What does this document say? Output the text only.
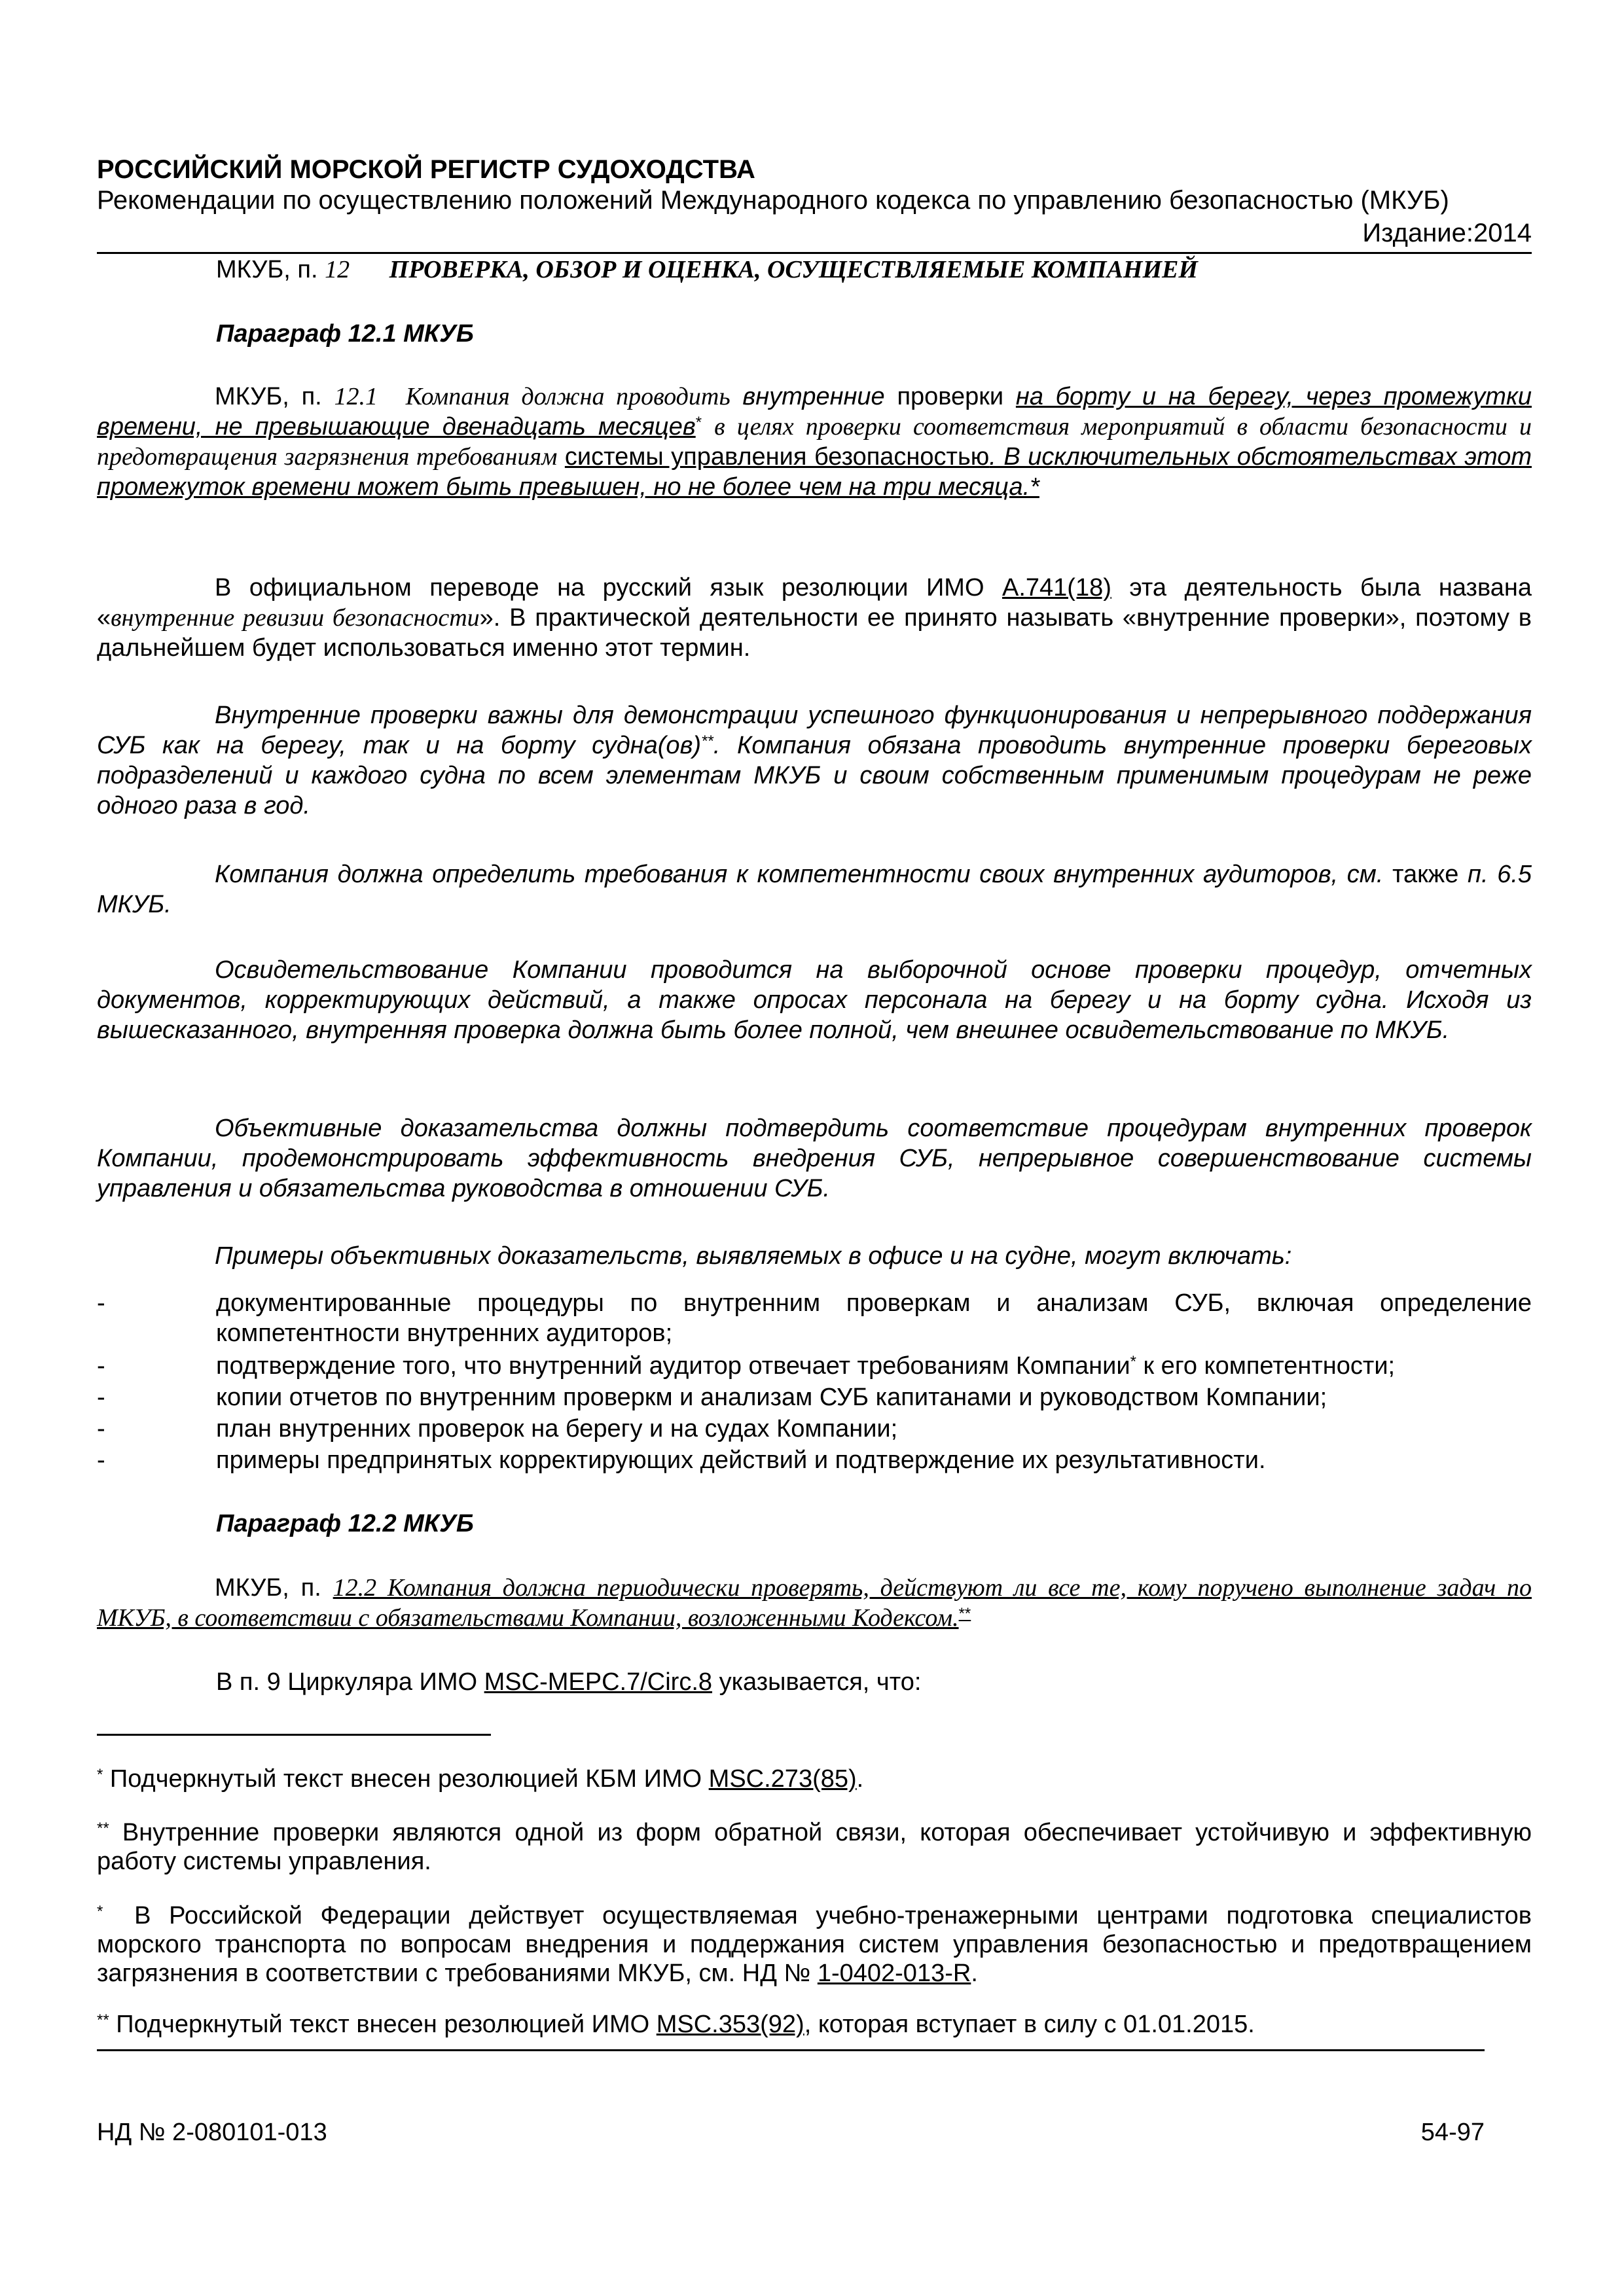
РОССИЙСКИЙ МОРСКОЙ РЕГИСТР СУДОХОДСТВА
Рекомендации по осуществлению положений Международного кодекса по управлению безопасностью (МКУБ)
Издание:2014
МКУБ, п. 12 ПРОВЕРКА, ОБЗОР И ОЦЕНКА, ОСУЩЕСТВЛЯЕМЫЕ КОМПАНИЕЙ
Параграф 12.1 МКУБ
МКУБ, п. 12.1 Компания должна проводить внутренние проверки на борту и на берегу, через промежутки времени, не превышающие двенадцать месяцев* в целях проверки соответствия мероприятий в области безопасности и предотвращения загрязнения требованиям системы управления безопасностью. В исключительных обстоятельствах этот промежуток времени может быть превышен, но не более чем на три месяца.*
В официальном переводе на русский язык резолюции ИМО A.741(18) эта деятельность была названа «внутренние ревизии безопасности». В практической деятельности ее принято называть «внутренние проверки», поэтому в дальнейшем будет использоваться именно этот термин.
Внутренние проверки важны для демонстрации успешного функционирования и непрерывного поддержания СУБ как на берегу, так и на борту судна(ов)**. Компания обязана проводить внутренние проверки береговых подразделений и каждого судна по всем элементам МКУБ и своим собственным применимым процедурам не реже одного раза в год.
Компания должна определить требования к компетентности своих внутренних аудиторов, см. также п. 6.5 МКУБ.
Освидетельствование Компании проводится на выборочной основе проверки процедур, отчетных документов, корректирующих действий, а также опросах персонала на берегу и на борту судна. Исходя из вышесказанного, внутренняя проверка должна быть более полной, чем внешнее освидетельствование по МКУБ.
Объективные доказательства должны подтвердить соответствие процедурам внутренних проверок Компании, продемонстрировать эффективность внедрения СУБ, непрерывное совершенствование системы управления и обязательства руководства в отношении СУБ.
Примеры объективных доказательств, выявляемых в офисе и на судне, могут включать:
-	документированные процедуры по внутренним проверкам и анализам СУБ, включая определение компетентности внутренних аудиторов;
-	подтверждение того, что внутренний аудитор отвечает требованиям Компании* к его компетентности;
-	копии отчетов по внутренним проверкм и анализам СУБ капитанами и руководством Компании;
-	план внутренних проверок на берегу и на судах Компании;
-	примеры предпринятых корректирующих действий и подтверждение их результативности.
Параграф 12.2 МКУБ
МКУБ, п. 12.2 Компания должна периодически проверять, действуют ли все те, кому поручено выполнение задач по МКУБ, в соответствии с обязательствами Компании, возложенными Кодексом.**
В п. 9 Циркуляра ИМО MSC-MEPC.7/Circ.8 указывается, что:
* Подчеркнутый текст внесен резолюцией КБМ ИМО MSC.273(85).
** Внутренние проверки являются одной из форм обратной связи, которая обеспечивает устойчивую и эффективную работу системы управления.
* В Российской Федерации действует осуществляемая учебно-тренажерными центрами подготовка специалистов морского транспорта по вопросам внедрения и поддержания систем управления безопасностью и предотвращением загрязнения в соответствии с требованиями МКУБ, см. НД № 1-0402-013-R.
** Подчеркнутый текст внесен резолюцией ИМО MSC.353(92), которая вступает в силу с 01.01.2015.
НД № 2-080101-013	54-97
